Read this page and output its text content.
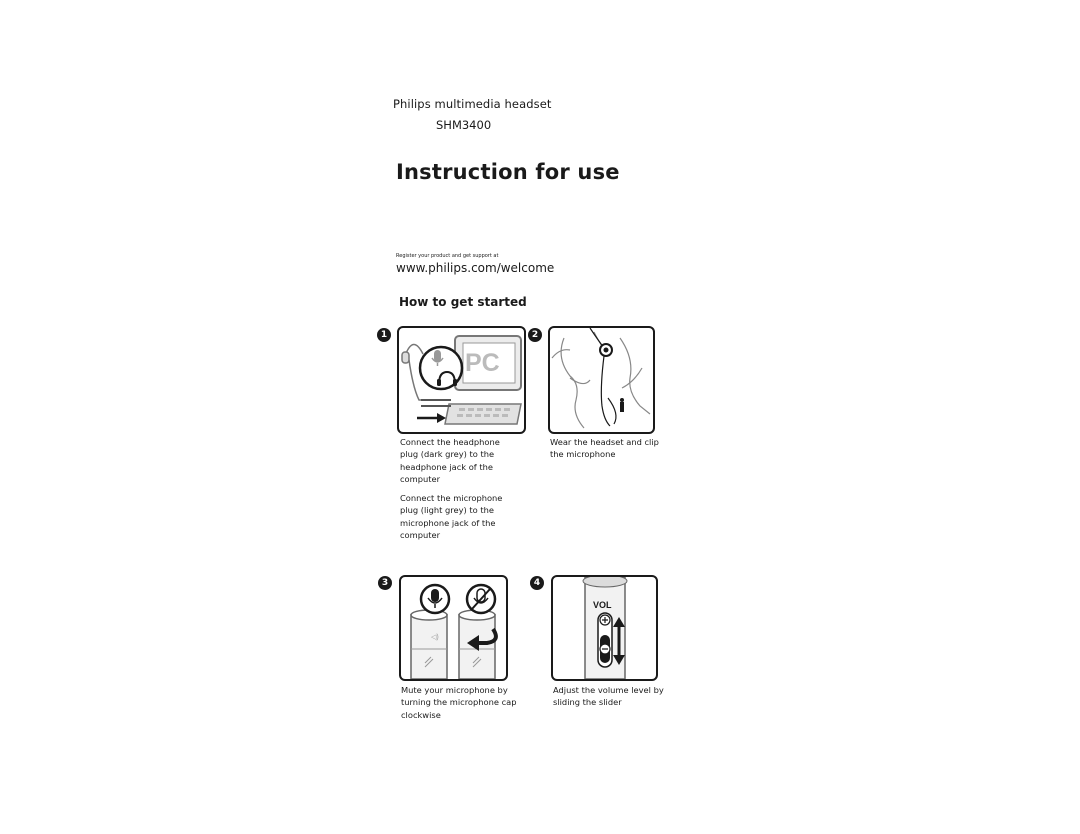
Philips multimedia headset
SHM3400
Instruction for use
Register your product and get support at
www.philips.com/welcome
How to get started
1
PC
Connect the headphone
plug (dark grey) to the
headphone jack of the
computer
Connect the microphone
plug (light grey) to the
microphone jack of the
computer
2
Wear the headset and clip
the microphone
3
◁)
Mute your microphone by
turning the microphone cap
clockwise
4
VOL
Adjust the volume level by
sliding the slider
